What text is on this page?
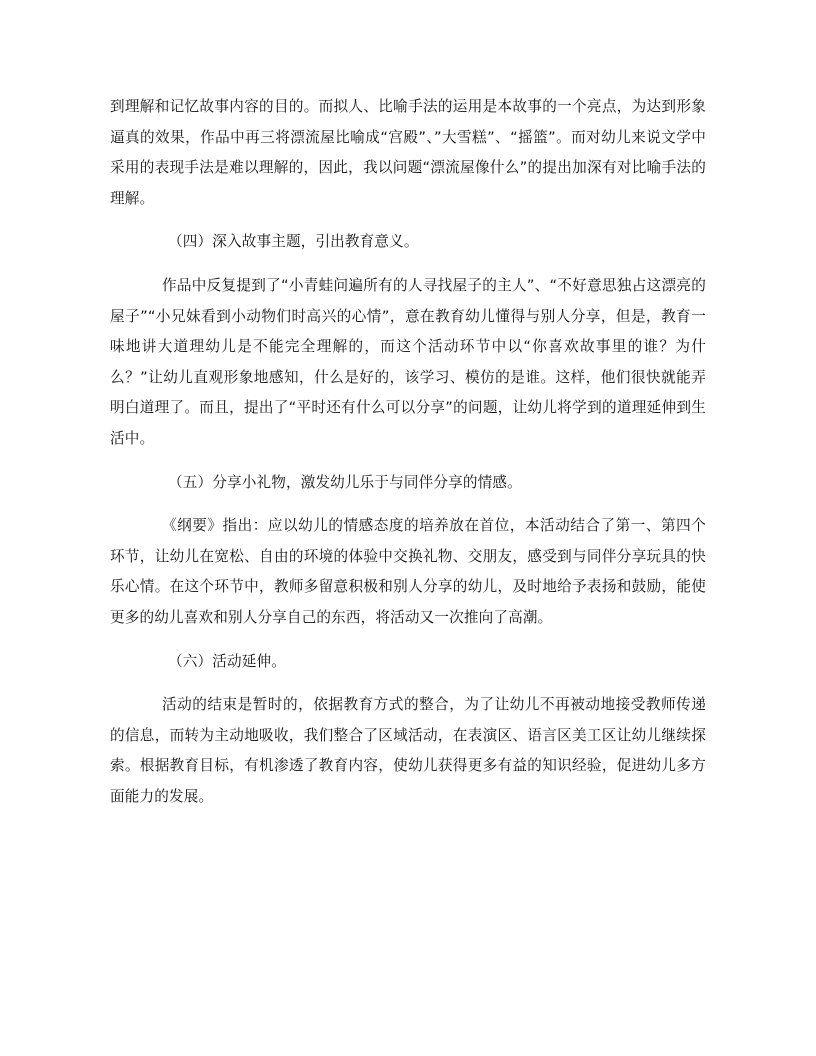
到理解和记忆故事内容的目的。而拟人、比喻手法的运用是本故事的一个亮点，为达到形象逼真的效果，作品中再三将漂流屋比喻成“宫殿”、”大雪糕”、“摇篮”。而对幼儿来说文学中采用的表现手法是难以理解的，因此，我以问题“漂流屋像什么”的提出加深有对比喻手法的理解。

（四）深入故事主题，引出教育意义。

作品中反复提到了“小青蛙问遍所有的人寻找屋子的主人”、“不好意思独占这漂亮的屋子”“小兄妹看到小动物们时高兴的心情”，意在教育幼儿懂得与别人分享，但是，教育一味地讲大道理幼儿是不能完全理解的，而这个活动环节中以“你喜欢故事里的谁？为什么？”让幼儿直观形象地感知，什么是好的，该学习、模仿的是谁。这样，他们很快就能弄明白道理了。而且，提出了“平时还有什么可以分享”的问题，让幼儿将学到的道理延伸到生活中。

（五）分享小礼物，激发幼儿乐于与同伴分享的情感。

《纲要》指出：应以幼儿的情感态度的培养放在首位，本活动结合了第一、第四个环节，让幼儿在宽松、自由的环境的体验中交换礼物、交朋友，感受到与同伴分享玩具的快乐心情。在这个环节中，教师多留意积极和别人分享的幼儿，及时地给予表扬和鼓励，能使更多的幼儿喜欢和别人分享自己的东西，将活动又一次推向了高潮。

（六）活动延伸。

活动的结束是暂时的，依据教育方式的整合，为了让幼儿不再被动地接受教师传递的信息，而转为主动地吸收，我们整合了区域活动，在表演区、语言区美工区让幼儿继续探索。根据教育目标，有机渗透了教育内容，使幼儿获得更多有益的知识经验，促进幼儿多方面能力的发展。
